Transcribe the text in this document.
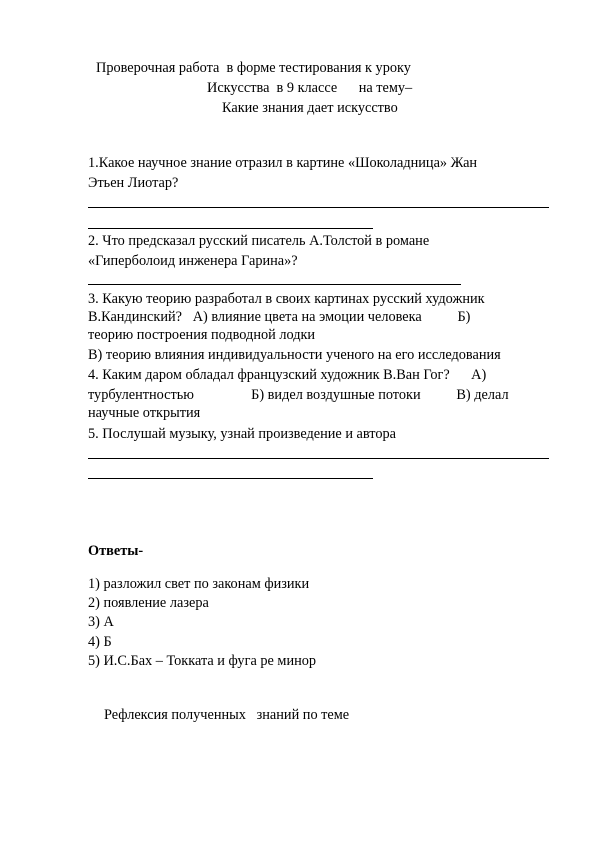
Проверочная работа  в форме тестирования к уроку
Искусства  в 9 классе      на тему–
Какие знания дает искусство
1.Какое научное знание отразил в картине «Шоколадница» Жан
Этьен Лиотар?
2. Что предсказал русский писатель А.Толстой в романе
«Гиперболоид инженера Гарина»?
3. Какую теорию разработал в своих картинах русский художник
В.Кандинский?   А) влияние цвета на эмоции человека          Б)
теорию построения подводной лодки
В) теорию влияния индивидуальности ученого на его исследования
4. Каким даром обладал французский художник В.Ван Гог?      А)
турбулентностью                Б) видел воздушные потоки          В) делал
научные открытия
5. Послушай музыку, узнай произведение и автора
Ответы-
1) разложил свет по законам физики
2) появление лазера
3) А
4) Б
5) И.С.Бах – Токката и фуга ре минор
Рефлексия полученных   знаний по теме
